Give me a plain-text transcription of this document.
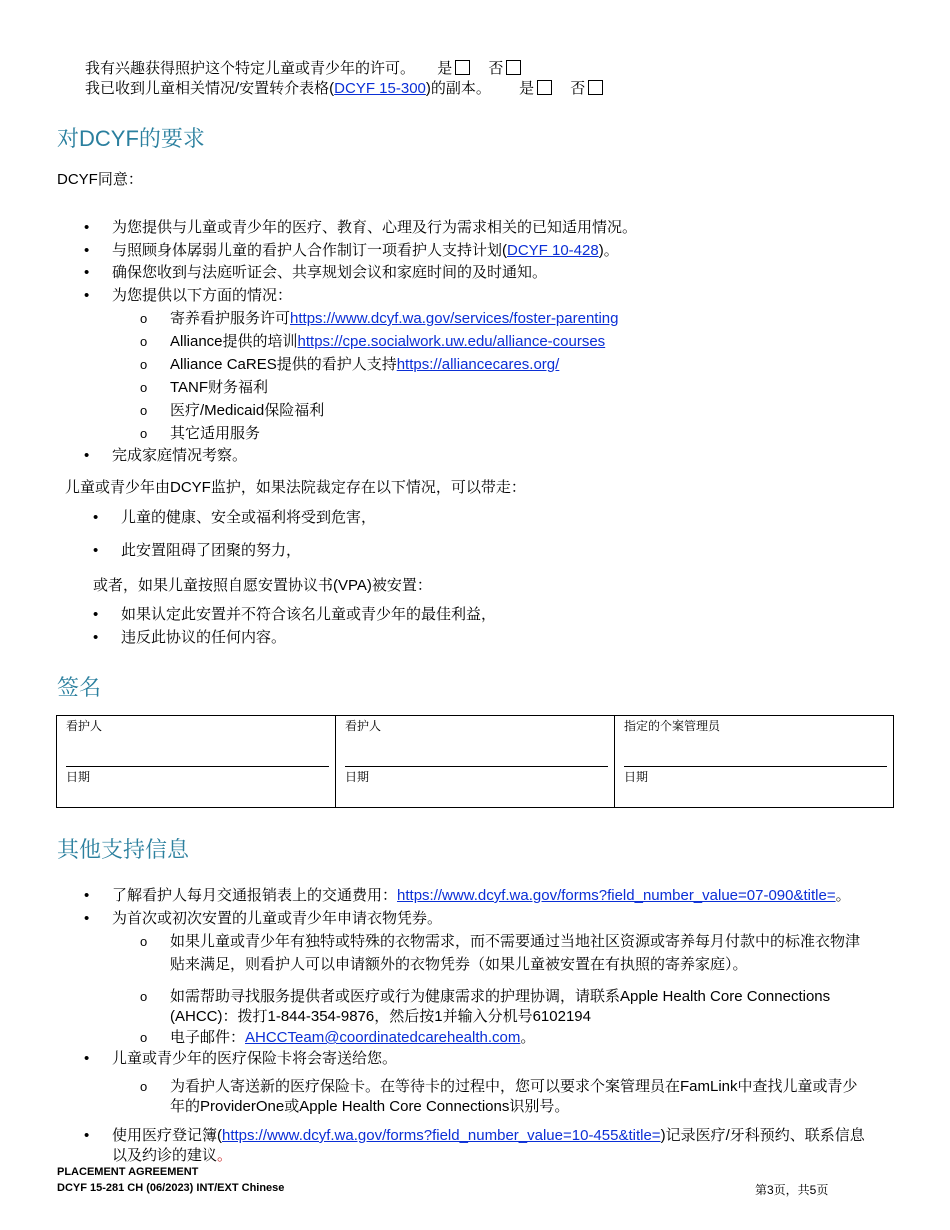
我有兴趣获得照护这个特定儿童或青少年的许可。 是 否
我已收到儿童相关情况/安置转介表格(DCYF 15-300)的副本。 是 否
对DCYF的要求
DCYF同意：
• 为您提供与儿童或青少年的医疗、教育、心理及行为需求相关的已知适用情况。
• 与照顾身体孱弱儿童的看护人合作制订一项看护人支持计划(DCYF 10-428)。
• 确保您收到与法庭听证会、共享规划会议和家庭时间的及时通知。
• 为您提供以下方面的情况：
o 寄养看护服务许可https://www.dcyf.wa.gov/services/foster-parenting
o Alliance提供的培训https://cpe.socialwork.uw.edu/alliance-courses
o Alliance CaRES提供的看护人支持https://alliancecares.org/
o TANF财务福利
o 医疗/Medicaid保险福利
o 其它适用服务
• 完成家庭情况考察。
儿童或青少年由DCYF监护，如果法院裁定存在以下情况，可以带走：
• 儿童的健康、安全或福利将受到危害，
• 此安置阻碍了团聚的努力，
或者，如果儿童按照自愿安置协议书(VPA)被安置：
• 如果认定此安置并不符合该名儿童或青少年的最佳利益，
• 违反此协议的任何内容。
签名
看护人
日期

看护人
日期

指定的个案管理员
日期
其他支持信息
• 了解看护人每月交通报销表上的交通费用：https://www.dcyf.wa.gov/forms?field_number_value=07-090&title=。
• 为首次或初次安置的儿童或青少年申请衣物凭券。
o 如果儿童或青少年有独特或特殊的衣物需求，而不需要通过当地社区资源或寄养每月付款中的标准衣物津
贴来满足，则看护人可以申请额外的衣物凭券（如果儿童被安置在有执照的寄养家庭）。
o 如需帮助寻找服务提供者或医疗或行为健康需求的护理协调，请联系Apple Health Core Connections
(AHCC)：拨打1-844-354-9876，然后按1并输入分机号6102194
o 电子邮件：AHCCTeam@coordinatedcarehealth.com。
• 儿童或青少年的医疗保险卡将会寄送给您。
o 为看护人寄送新的医疗保险卡。在等待卡的过程中，您可以要求个案管理员在FamLink中查找儿童或青少
年的ProviderOne或Apple Health Core Connections识别号。
• 使用医疗登记簿(https://www.dcyf.wa.gov/forms?field_number_value=10-455&title=)记录医疗/牙科预约、联系信息
以及约诊的建议。
PLACEMENT AGREEMENT
DCYF 15-281 CH (06/2023) INT/EXT Chinese	第3页，共5页
